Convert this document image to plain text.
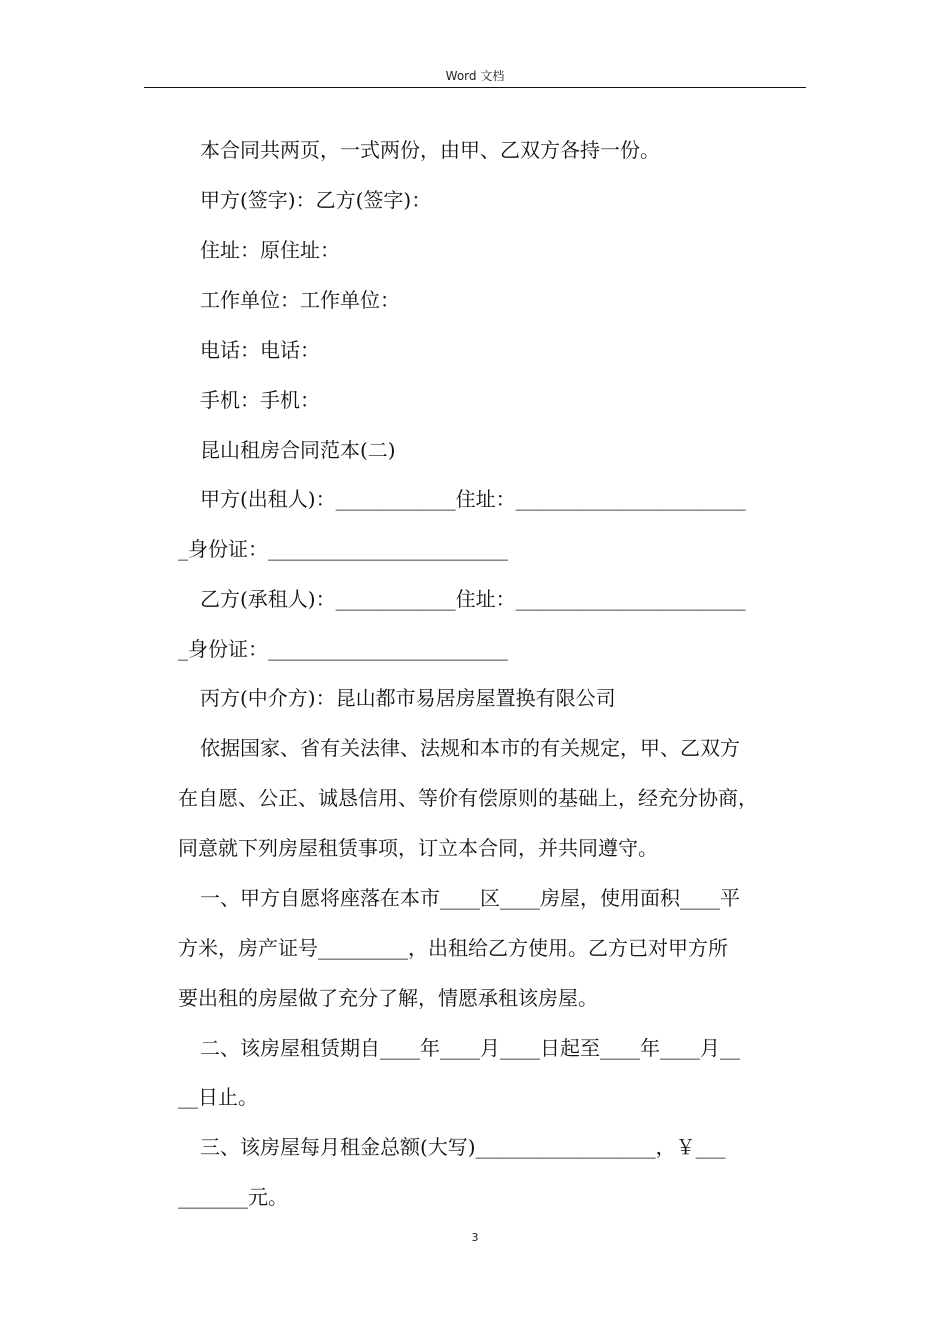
Word 文档
本合同共两页，一式两份，由甲、乙双方各持一份。
甲方(签字)：乙方(签字)：
住址：原住址：
工作单位：工作单位：
电话：电话：
手机：手机：
昆山租房合同范本(二)
甲方(出租人)：____________住址：_______________________
_身份证：________________________
乙方(承租人)：____________住址：_______________________
_身份证：________________________
丙方(中介方)：昆山都市易居房屋置换有限公司
依据国家、省有关法律、法规和本市的有关规定，甲、乙双方
在自愿、公正、诚恳信用、等价有偿原则的基础上，经充分协商，
同意就下列房屋租赁事项，订立本合同，并共同遵守。
一、甲方自愿将座落在本市____区____房屋，使用面积____平
方米，房产证号_________，出租给乙方使用。乙方已对甲方所
要出租的房屋做了充分了解，情愿承租该房屋。
二、该房屋租赁期自____年____月____日起至____年____月__
__日止。
三、该房屋每月租金总额(大写)__________________，￥___
_______元。
3
